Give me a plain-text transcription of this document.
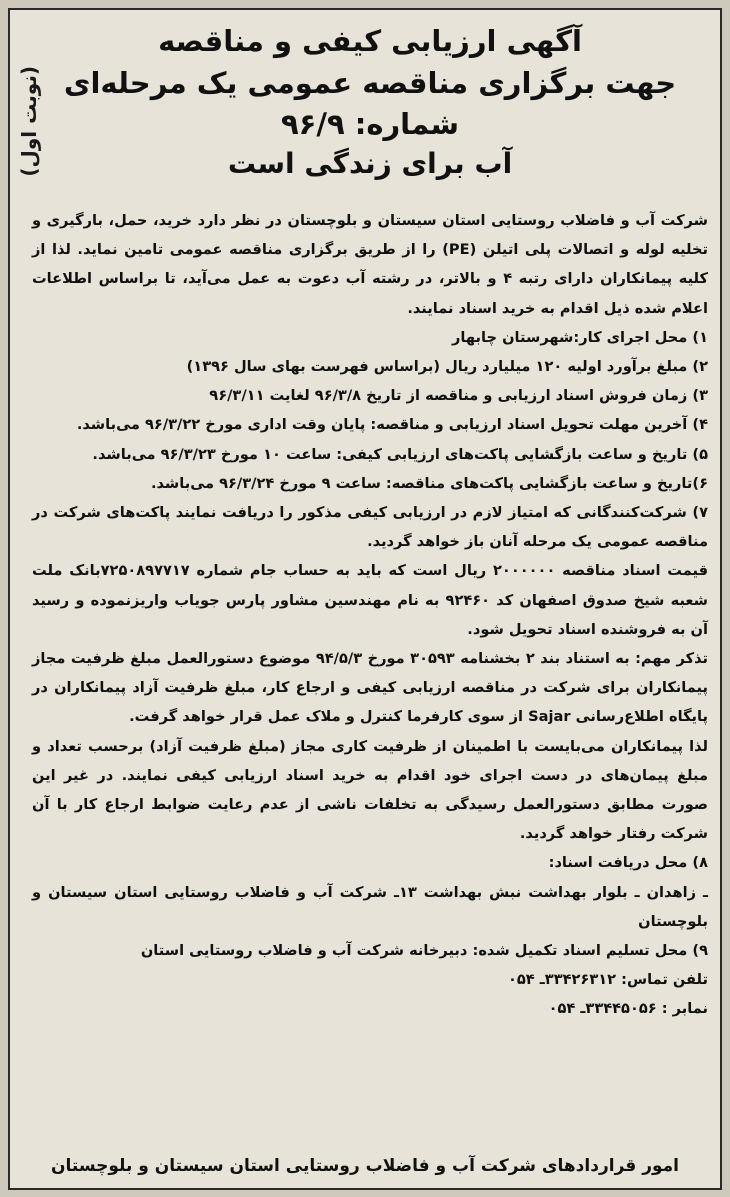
(نوبت اول)
آگهی ارزیابی کیفی و مناقصه
جهت برگزاری مناقصه عمومی یک مرحله‌ای
شماره: ۹۶/۹
آب برای زندگی است

شرکت آب و فاضلاب روستایی استان سیستان و بلوچستان در نظر دارد خرید، حمل، بارگیری و تخلیه لوله و اتصالات پلی اتیلن (PE) را از طریق برگزاری مناقصه عمومی تامین نماید. لذا از کلیه پیمانکاران دارای رتبه ۴ و بالاتر، در رشته آب دعوت به عمل می‌آید، تا براساس اطلاعات اعلام شده ذیل اقدام به خرید اسناد نمایند.

۱) محل اجرای کار:شهرستان چابهار

۲) مبلغ برآورد اولیه ۱۲۰ میلیارد ریال (براساس فهرست بهای سال ۱۳۹۶)

۳) زمان فروش اسناد ارزیابی و مناقصه از تاریخ ۹۶/۳/۸ لغایت ۹۶/۳/۱۱

۴) آخرین مهلت تحویل اسناد ارزیابی و مناقصه: پایان وقت اداری مورخ ۹۶/۳/۲۲ می‌باشد.

۵) تاریخ و ساعت بازگشایی پاکت‌های ارزیابی کیفی: ساعت ۱۰ مورخ ۹۶/۳/۲۳ می‌باشد.

۶)تاریخ و ساعت بازگشایی پاکت‌های مناقصه: ساعت ۹ مورخ ۹۶/۳/۲۴ می‌باشد.

۷) شرکت‌کنندگانی که امتیاز لازم در ارزیابی کیفی مذکور را دریافت نمایند پاکت‌های شرکت در مناقصه عمومی یک مرحله آنان باز خواهد گردید.

قیمت اسناد مناقصه ۲۰۰۰۰۰۰ ریال است که باید به حساب جام شماره ۷۲۵۰۸۹۷۷۱۷بانک ملت شعبه شیخ صدوق اصفهان کد ۹۲۴۶۰ به نام مهندسین مشاور پارس جویاب واریزنموده و رسید آن به فروشنده اسناد تحویل شود.

تذکر مهم: به استناد بند ۲ بخشنامه ۳۰۵۹۳ مورخ ۹۴/۵/۳ موضوع دستورالعمل مبلغ ظرفیت مجاز پیمانکاران برای شرکت در مناقصه ارزیابی کیفی و ارجاع کار، مبلغ ظرفیت آزاد پیمانکاران در پایگاه اطلاع‌رسانی Sajar از سوی کارفرما کنترل و ملاک عمل قرار خواهد گرفت.

لذا پیمانکاران می‌بایست با اطمینان از ظرفیت کاری مجاز (مبلغ ظرفیت آزاد) برحسب تعداد و مبلغ پیمان‌های در دست اجرای خود اقدام به خرید اسناد ارزیابی کیفی نمایند. در غیر این صورت مطابق دستورالعمل رسیدگی به تخلفات ناشی از عدم رعایت ضوابط ارجاع کار با آن شرکت رفتار خواهد گردید.

۸) محل دریافت اسناد:

ـ زاهدان ـ بلوار بهداشت نبش بهداشت ۱۳ـ شرکت آب و فاضلاب روستایی استان سیستان و بلوچستان

۹) محل تسلیم اسناد تکمیل شده: دبیرخانه شرکت آب و فاضلاب روستایی استان

تلفن تماس: ۳۳۴۲۶۳۱۲ـ ۰۵۴

نمابر : ۳۳۴۴۵۰۵۶ـ ۰۵۴

امور قراردادهای شرکت آب و فاضلاب روستایی استان سیستان و بلوچستان
